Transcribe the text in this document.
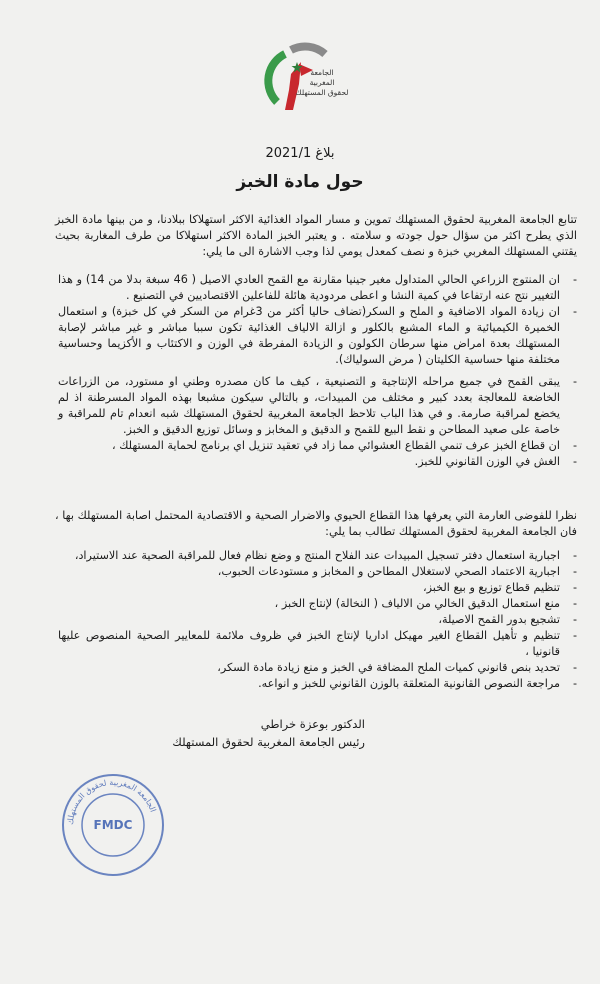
الجامعة
المغربية
لحقوق المستهلك
بلاغ 2021/1
حول مادة الخبز
تتابع الجامعة المغربية لحقوق المستهلك تموين و مسار المواد الغذائية الاكثر استهلاكا ببلادنا، و من بينها مادة الخبز الذي يطرح اكثر من سؤال حول جودته و سلامته . و يعتبر الخبز المادة الاكثر استهلاكا من طرف المغاربة بحيث يقتني المستهلك المغربي خبزة و نصف كمعدل يومي لذا وجب الاشارة الى ما يلي:
-
ان المنتوج الزراعي الحالي المتداول مغير جينيا مقارنة مع القمح العادي الاصيل ( 46 سبغة بدلا من 14) و هذا التغيير نتج عنه ارتفاعا في كمية النشا و اعطى مردودية هائلة للفاعلين الاقتصاديين في التصنيع .
-
ان زيادة المواد الاضافية و الملح و السكر(تضاف حاليا أكثر من 3غرام من السكر في كل خبزة) و استعمال الخميرة الكيميائية و الماء المشبع بالكلور و ازالة الالياف الغذائية تكون سببا مباشر و غير مباشر لإصابة المستهلك بعدة امراض منها سرطان الكولون و الزيادة المفرطة في الوزن و الاكتئاب و الأكزيما وحساسية مختلفة منها حساسية الكليتان ( مرض السولياك).
-
يبقى القمح في جميع مراحله الإنتاجية و التصنيعية ، كيف ما كان مصدره وطني او مستورد، من الزراعات الخاضعة للمعالجة بعدد كبير و مختلف من المبيدات، و بالتالي سيكون مشبعا بهذه المواد المسرطنة اذ لم يخضع لمراقبة صارمة. و في هذا الباب تلاحظ الجامعة المغربية لحقوق المستهلك شبه انعدام تام للمراقبة و خاصة على صعيد المطاحن و نقط البيع للقمح و الدقيق و المخابز و وسائل توزيع الدقيق و الخبز.
-
ان قطاع الخبز عرف تنمي القطاع العشوائي مما زاد في تعقيد تنزيل اي برنامج لحماية المستهلك ،
-
الغش في الوزن القانوني للخبز.
نظرا للفوضى العارمة التي يعرفها هذا القطاع الحيوي والاضرار الصحية و الاقتصادية المحتمل اصابة المستهلك بها ، فان الجامعة المغربية لحقوق المستهلك تطالب بما يلي:
-
اجبارية استعمال دفتر تسجيل المبيدات عند الفلاح المنتج و وضع نظام فعال للمراقبة الصحية عند الاستيراد،
-
اجبارية الاعتماد الصحي لاستغلال المطاحن و المخابز و مستودعات الحبوب،
-
تنظيم قطاع توزيع و بيع الخبز،
-
منع استعمال الدقيق الخالي من الالياف ( النخالة) لإنتاج الخبز ،
-
تشجيع بدور القمح الاصيلة،
-
تنظيم و تأهيل القطاع الغير مهيكل اداريا لإنتاج الخبز في ظروف ملائمة للمعايير الصحية المنصوص عليها قانونيا ،
-
تحديد بنص قانوني كميات الملح المضافة في الخبز و منع زيادة مادة السكر،
-
مراجعة النصوص القانونية المتعلقة بالوزن القانوني للخبز و انواعه.
الدكتور بوعزة خراطي
رئيس الجامعة المغربية لحقوق المستهلك
الجامعة المغربية لحقوق المستهلك
FMDC
